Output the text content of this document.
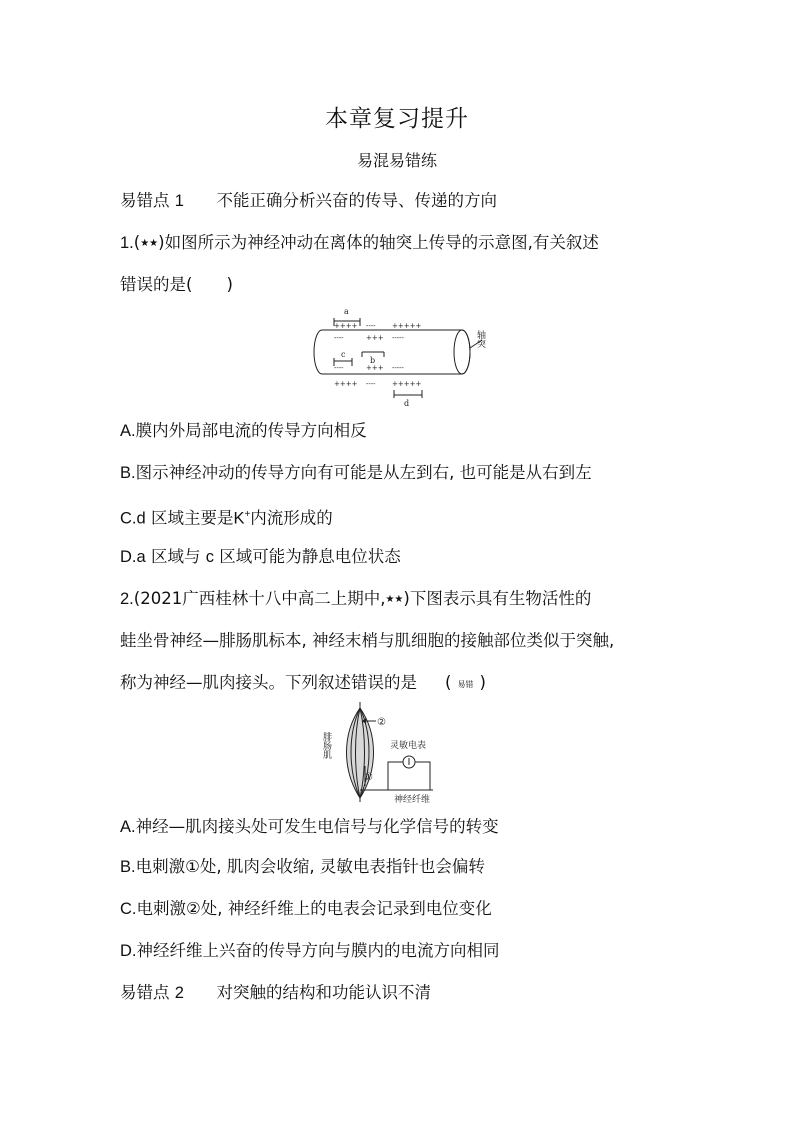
本章复习提升
易混易错练
易错点 1 不能正确分析兴奋的传导、传递的方向
1.(★★)如图所示为神经冲动在离体的轴突上传导的示意图,有关叙述
错误的是( )
a
b
c
d
++++ ---- +++++
----	+++ -----
----	+++ -----
++++ ---- +++++
轴突
A.膜内外局部电流的传导方向相反
B.图示神经冲动的传导方向有可能是从左到右, 也可能是从右到左
C.d 区域主要是K+内流形成的
D.a 区域与 c 区域可能为静息电位状态
2.(2021广西桂林十八中高二上期中,★★)下图表示具有生物活性的
蛙坐骨神经—腓肠肌标本, 神经末梢与肌细胞的接触部位类似于突触,
称为神经—肌肉接头。下列叙述错误的是 ( 易错 )
腓肠肌	灵敏电表
神经纤维
②
①
A.神经—肌肉接头处可发生电信号与化学信号的转变
B.电刺激①处, 肌肉会收缩, 灵敏电表指针也会偏转
C.电刺激②处, 神经纤维上的电表会记录到电位变化
D.神经纤维上兴奋的传导方向与膜内的电流方向相同
易错点 2 对突触的结构和功能认识不清
